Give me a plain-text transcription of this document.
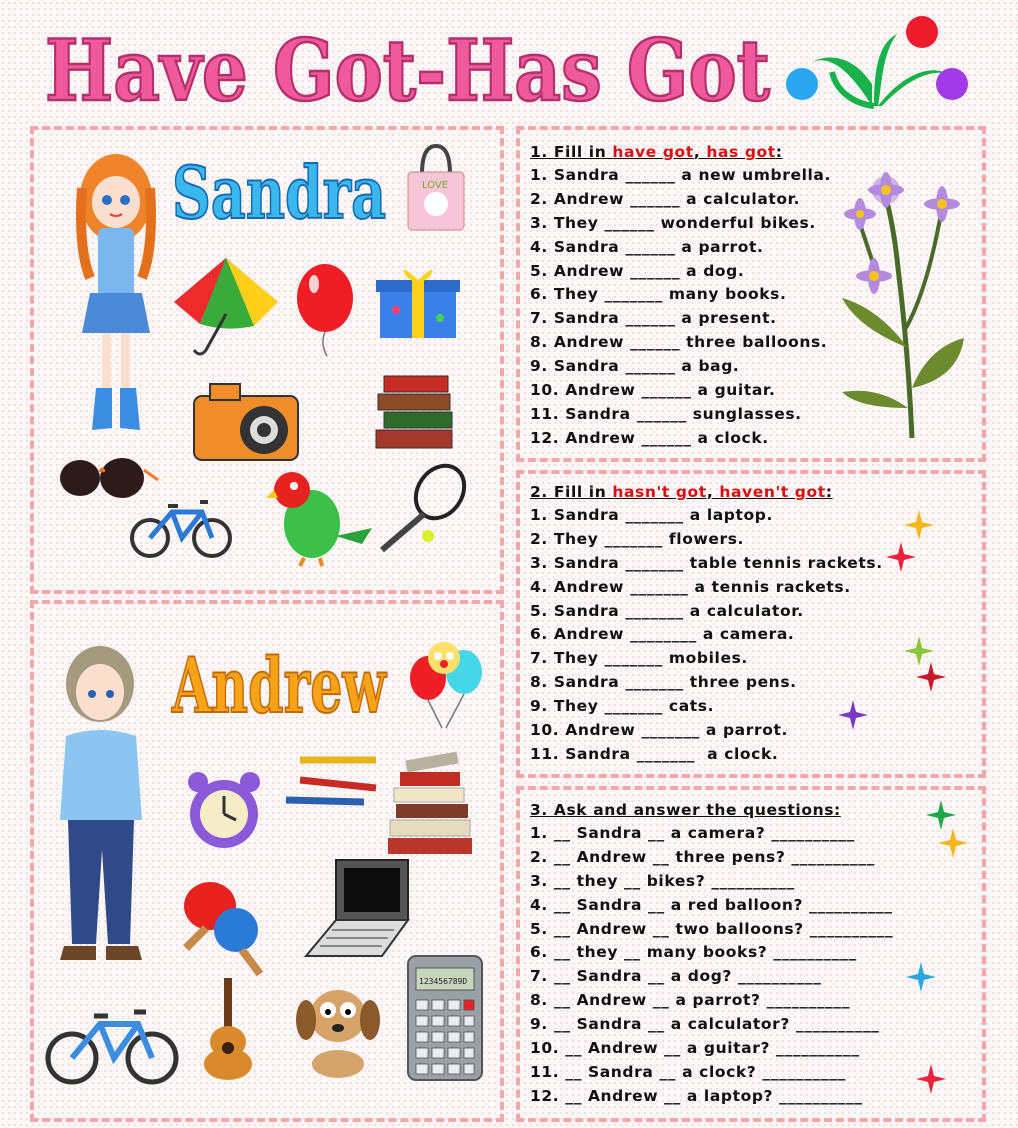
Have Got-Has Got
Sandra
Andrew
LOVE
123456789D
1. Fill in have got, has got:
1. Sandra ______ a new umbrella.
2. Andrew ______ a calculator.
3. They ______ wonderful bikes.
4. Sandra ______ a parrot.
5. Andrew ______ a dog.
6. They _______ many books.
7. Sandra ______ a present.
8. Andrew ______ three balloons.
9. Sandra ______ a bag.
10. Andrew ______ a guitar.
11. Sandra ______ sunglasses.
12. Andrew ______ a clock.
2. Fill in hasn't got, haven't got:
1. Sandra _______ a laptop.
2. They _______ flowers.
3. Sandra _______ table tennis rackets.
4. Andrew _______ a tennis rackets.
5. Sandra _______ a calculator.
6. Andrew ________ a camera.
7. They _______ mobiles.
8. Sandra _______ three pens.
9. They _______ cats.
10. Andrew _______ a parrot.
11. Sandra _______  a clock.
3. Ask and answer the questions:
1. __ Sandra __ a camera? __________
2. __ Andrew __ three pens? __________
3. __ they __ bikes? __________
4. __ Sandra __ a red balloon? __________
5. __ Andrew __ two balloons? __________
6. __ they __ many books? __________
7. __ Sandra __ a dog? __________
8. __ Andrew __ a parrot? __________
9. __ Sandra __ a calculator? __________
10. __ Andrew __ a guitar? __________
11. __ Sandra __ a clock? __________
12. __ Andrew __ a laptop? __________
